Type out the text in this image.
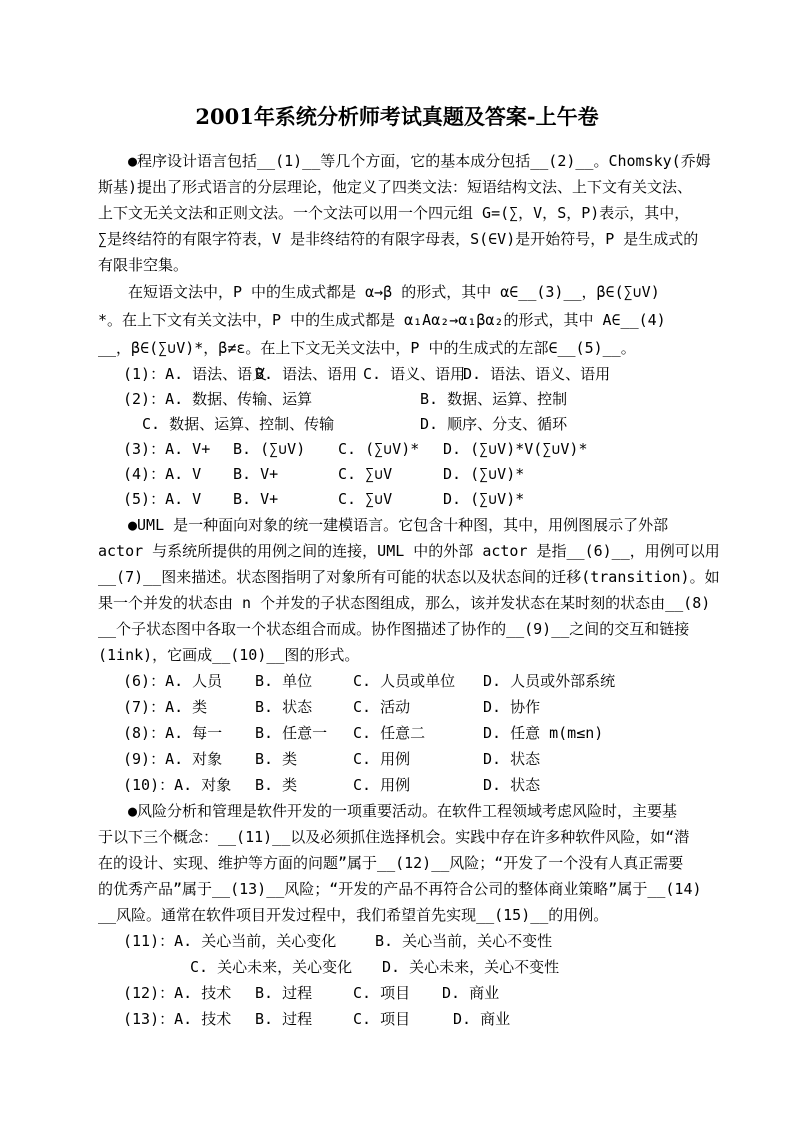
2001年系统分析师考试真题及答案-上午卷
●程序设计语言包括__(1)__等几个方面，它的基本成分包括__(2)__。Chomsky(乔姆
斯基)提出了形式语言的分层理论，他定义了四类文法：短语结构文法、上下文有关文法、
上下文无关文法和正则文法。一个文法可以用一个四元组 G=(∑，V，S，P)表示，其中，
∑是终结符的有限字符表，V 是非终结符的有限字母表，S(∈V)是开始符号，P 是生成式的
有限非空集。
在短语文法中，P 中的生成式都是 α→β 的形式，其中 α∈__(3)__，β∈(∑∪V)
*。在上下文有关文法中，P 中的生成式都是 α₁Aα₂→α₁βα₂的形式，其中 A∈__(4)
__，β∈(∑∪V)*，β≠ε。在上下文无关文法中，P 中的生成式的左部∈__(5)__。
(1)：A. 语法、语义
B. 语法、语用 C. 语义、语用
D. 语法、语义、语用
(2)：A. 数据、传输、运算	B. 数据、运算、控制
C. 数据、运算、控制、传输	D. 顺序、分支、循环
(3)：A. V+ B. (∑∪V) C. (∑∪V)* D. (∑∪V)*V(∑∪V)*
(4)：A. V B. V+	C. ∑∪V	D. (∑∪V)*
(5)：A. V B. V+	C. ∑∪V	D. (∑∪V)*
●UML 是一种面向对象的统一建模语言。它包含十种图，其中，用例图展示了外部
actor 与系统所提供的用例之间的连接，UML 中的外部 actor 是指__(6)__，用例可以用
__(7)__图来描述。状态图指明了对象所有可能的状态以及状态间的迁移(transition)。如
果一个并发的状态由 n 个并发的子状态图组成，那么，该并发状态在某时刻的状态由__(8)
__个子状态图中各取一个状态组合而成。协作图描述了协作的__(9)__之间的交互和链接
(1ink)，它画成__(10)__图的形式。
(6)：A. 人员 B. 单位	C. 人员或单位 D. 人员或外部系统
(7)：A. 类	B. 状态	C. 活动	D. 协作
(8)：A. 每一 B. 任意一 C. 任意二	D. 任意 m(m≤n)
(9)：A. 对象 B. 类	C. 用例	D. 状态
(10)：A. 对象 B. 类	C. 用例	D. 状态
●风险分析和管理是软件开发的一项重要活动。在软件工程领域考虑风险时，主要基
于以下三个概念：__(11)__以及必须抓住选择机会。实践中存在许多种软件风险，如“潜
在的设计、实现、维护等方面的问题”属于__(12)__风险；“开发了一个没有人真正需要
的优秀产品”属于__(13)__风险；“开发的产品不再符合公司的整体商业策略”属于__(14)
__风险。通常在软件项目开发过程中，我们希望首先实现__(15)__的用例。
(11)：A. 关心当前，关心变化	B. 关心当前，关心不变性
C. 关心未来，关心变化 D. 关心未来，关心不变性
(12)：A. 技术 B. 过程	C. 项目 D. 商业
(13)：A. 技术 B. 过程	C. 项目	D. 商业
